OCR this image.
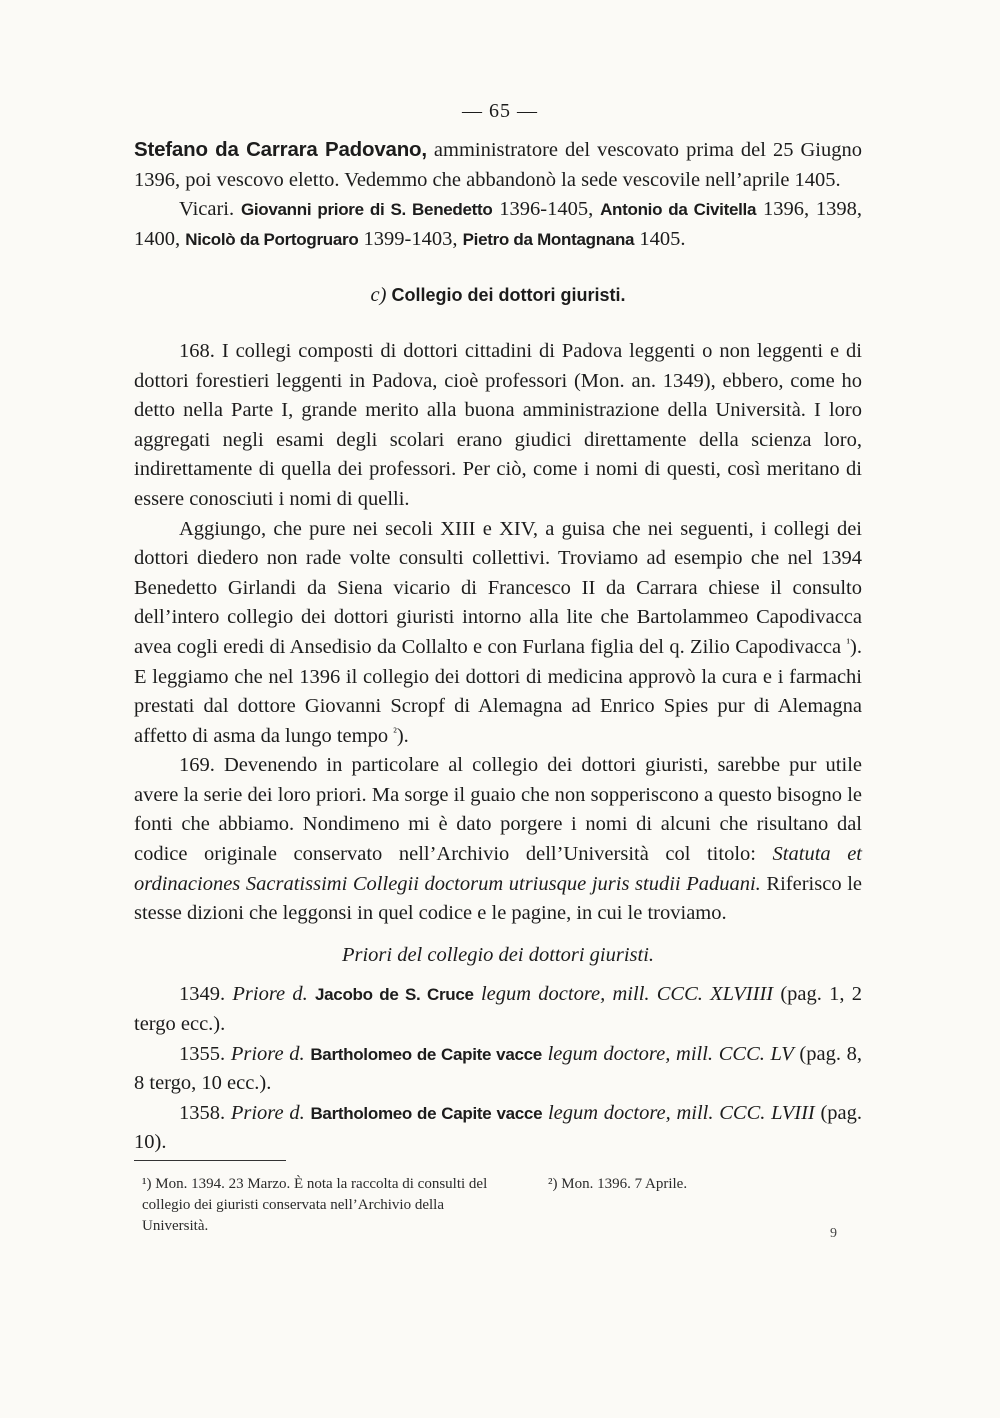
— 65 —

Stefano da Carrara Padovano, amministratore del vescovato prima del 25 Giugno 1396, poi vescovo eletto. Vedemmo che abbandonò la sede vescovile nell’aprile 1405.

Vicari. Giovanni priore di S. Benedetto 1396-1405, Antonio da Civitella 1396, 1398, 1400, Nicolò da Portogruaro 1399-1403, Pietro da Montagnana 1405.

c) Collegio dei dottori giuristi.

168. I collegi composti di dottori cittadini di Padova leggenti o non leggenti e di dottori forestieri leggenti in Padova, cioè professori (Mon. an. 1349), ebbero, come ho detto nella Parte I, grande merito alla buona amministrazione della Università. I loro aggregati negli esami degli scolari erano giudici direttamente della scienza loro, indirettamente di quella dei professori. Per ciò, come i nomi di questi, così meritano di essere conosciuti i nomi di quelli.

Aggiungo, che pure nei secoli XIII e XIV, a guisa che nei seguenti, i collegi dei dottori diedero non rade volte consulti collettivi. Troviamo ad esempio che nel 1394 Benedetto Girlandi da Siena vicario di Francesco II da Carrara chiese il consulto dell’intero collegio dei dottori giuristi intorno alla lite che Bartolammeo Capodivacca avea cogli eredi di Ansedisio da Collalto e con Furlana figlia del q. Zilio Capodivacca $^{^1}$). E leggiamo che nel 1396 il collegio dei dottori di medicina approvò la cura e i farmachi prestati dal dottore Giovanni Scropf di Alemagna ad Enrico Spies pur di Alemagna affetto di asma da lungo tempo $^{^2}$).

169. Devenendo in particolare al collegio dei dottori giuristi, sarebbe pur utile avere la serie dei loro priori. Ma sorge il guaio che non sopperiscono a questo bisogno le fonti che abbiamo. Nondimeno mi è dato porgere i nomi di alcuni che risultano dal codice originale conservato nell’Archivio dell’Università col titolo: Statuta et ordinaciones Sacratissimi Collegii doctorum utriusque juris studii Paduani. Riferisco le stesse dizioni che leggonsi in quel codice e le pagine, in cui le troviamo.

Priori del collegio dei dottori giuristi.

1349. Priore d. Jacobo de S. Cruce legum doctore, mill. CCC. XLVIIII (pag. 1, 2 tergo ecc.).

1355. Priore d. Bartholomeo de Capite vacce legum doctore, mill. CCC. LV (pag. 8, 8 tergo, 10 ecc.).

1358. Priore d. Bartholomeo de Capite vacce legum doctore, mill. CCC. LVIII (pag. 10).

¹) Mon. 1394. 23 Marzo. È nota la raccolta di consulti del collegio dei giuristi conservata nell’Archivio della Università.
²) Mon. 1396. 7 Aprile.
9
